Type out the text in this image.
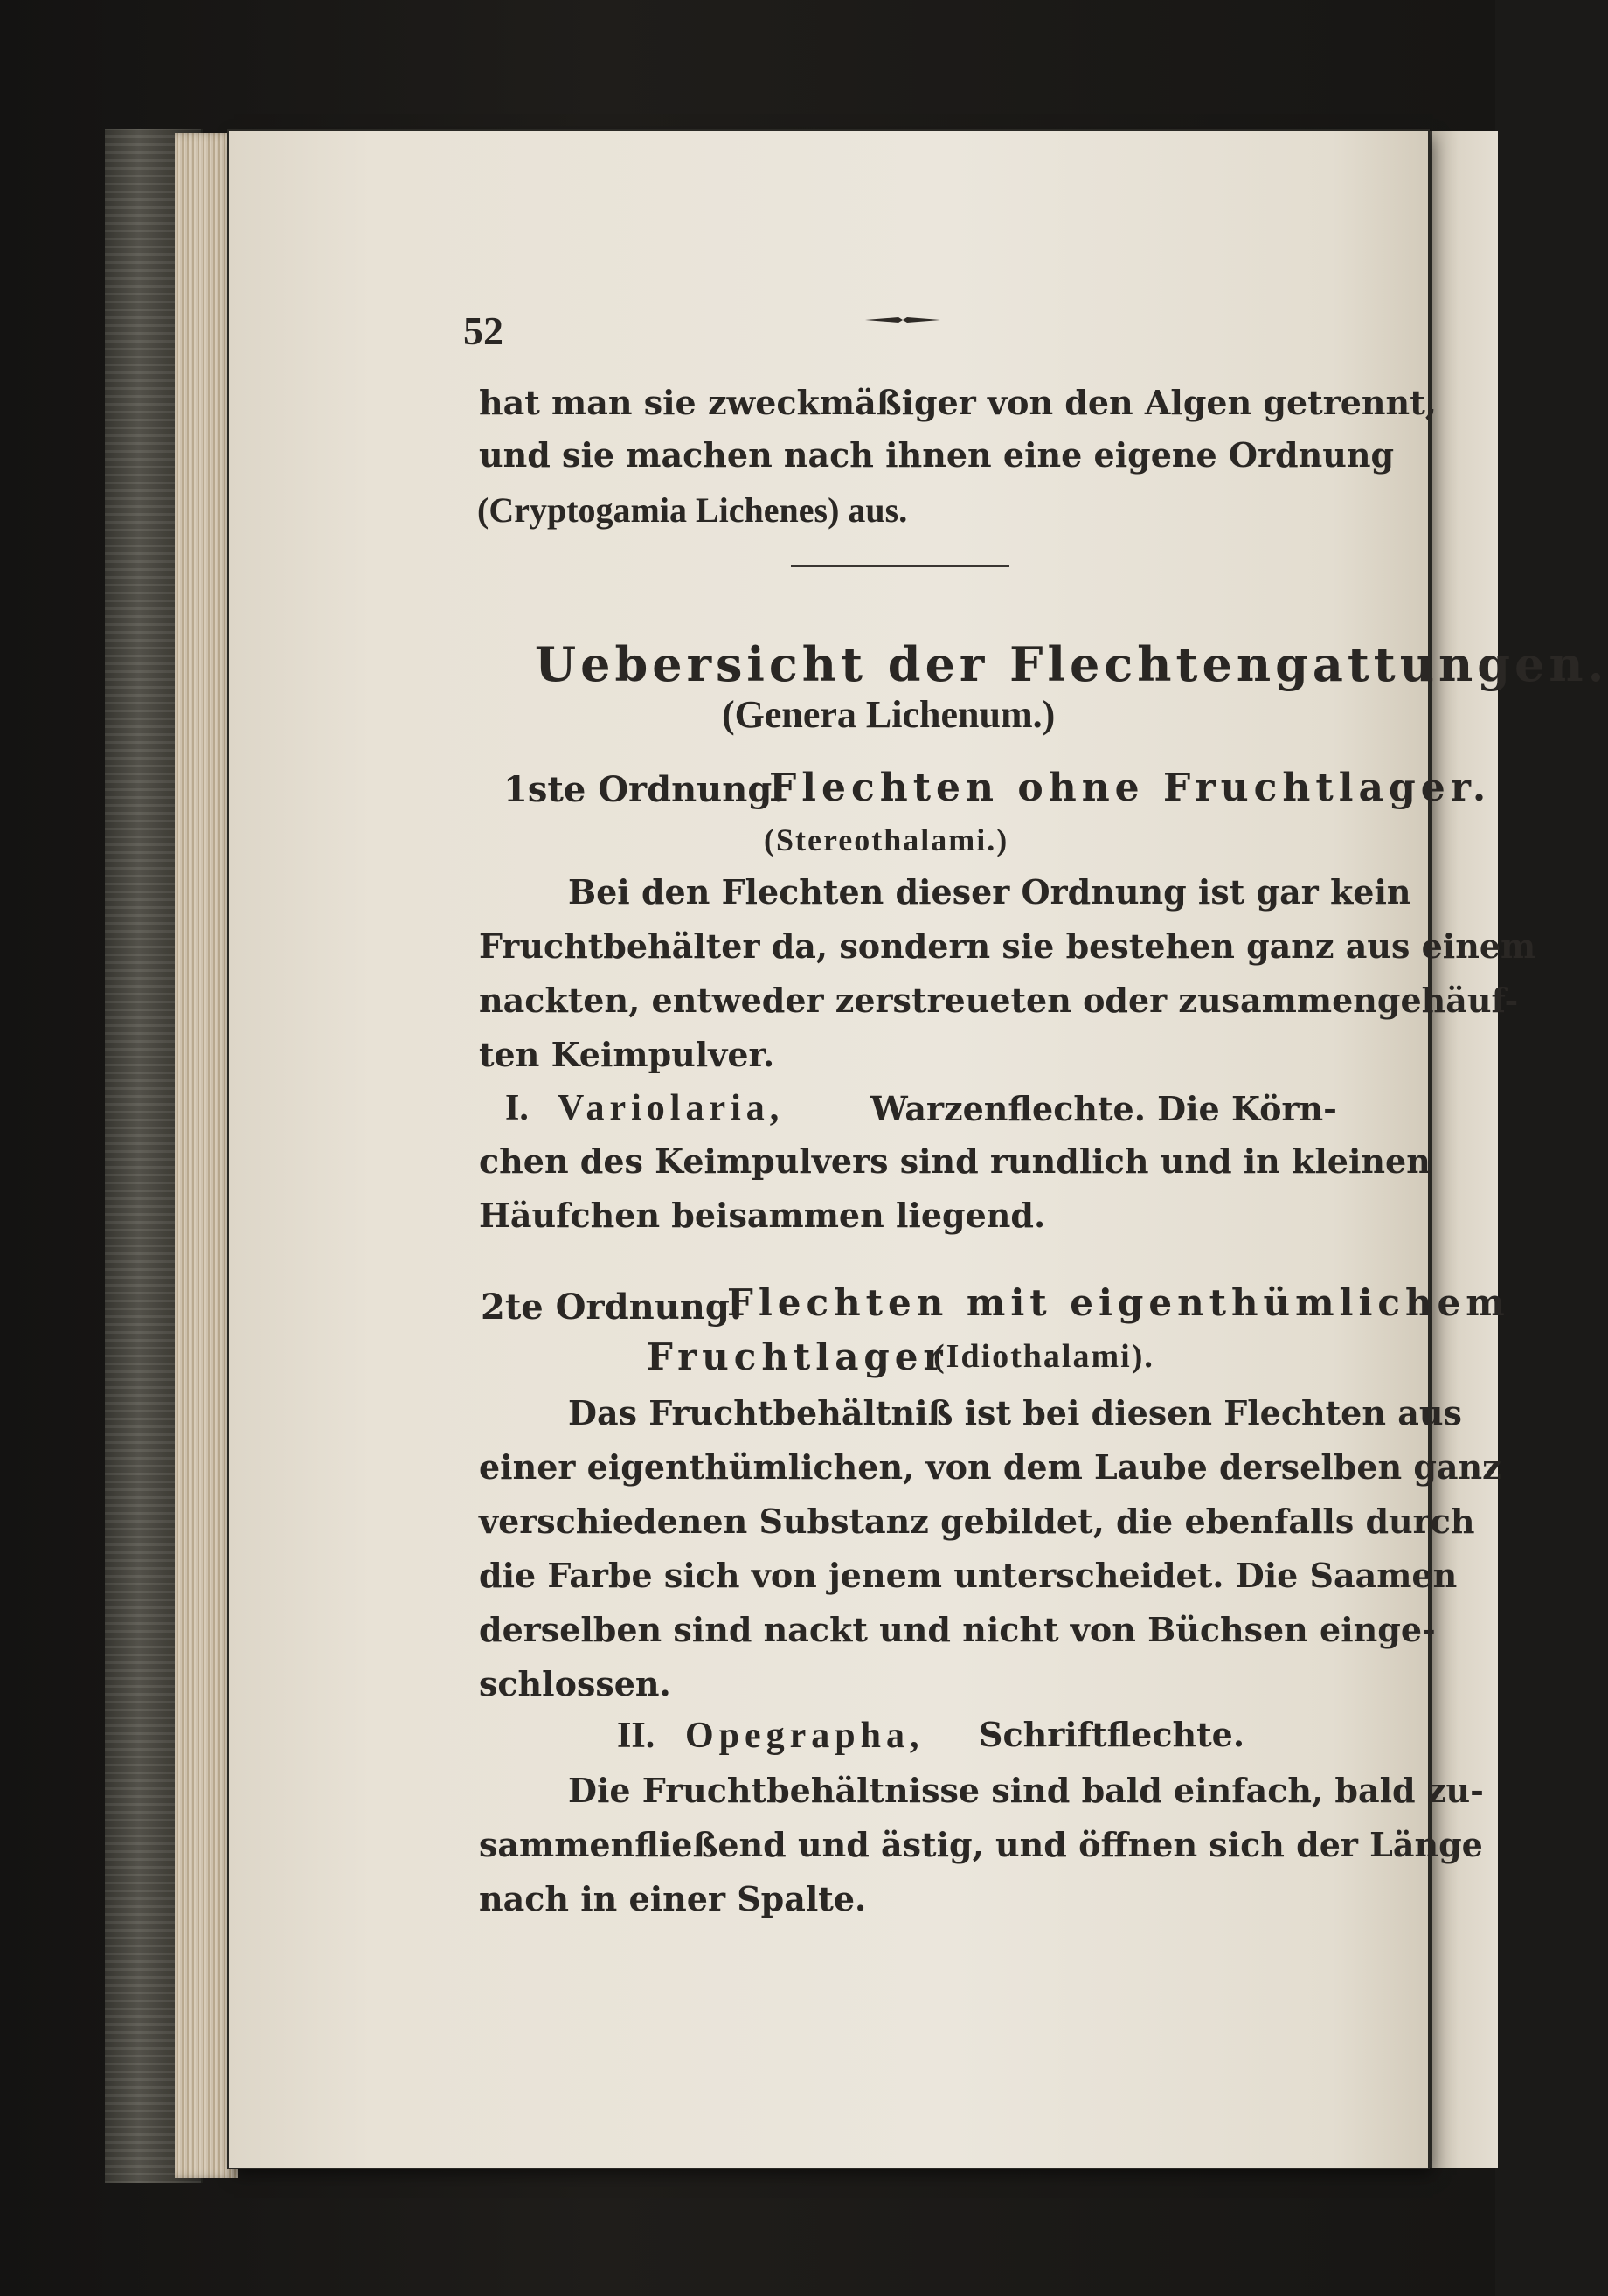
52
hat man sie zweckmäßiger von den Algen getrennt,
und sie machen nach ihnen eine eigene Ordnung
(Cryptogamia Lichenes) aus.
Uebersicht der Flechtengattungen.
(Genera Lichenum.)
1ste Ordnung:
Flechten ohne Fruchtlager.
(Stereothalami.)
Bei den Flechten dieser Ordnung ist gar kein
Fruchtbehälter da, sondern sie bestehen ganz aus einem
nackten, entweder zerstreueten oder zusammengehäuf-
ten Keimpulver.
I. Variolaria,	Warzenflechte. Die Körn-
chen des Keimpulvers sind rundlich und in kleinen
Häufchen beisammen liegend.
2te Ordnung:
Flechten mit eigenthümlichem
Fruchtlager
(Idiothalami).
Das Fruchtbehältniß ist bei diesen Flechten aus
einer eigenthümlichen, von dem Laube derselben ganz
verschiedenen Substanz gebildet, die ebenfalls durch
die Farbe sich von jenem unterscheidet. Die Saamen
derselben sind nackt und nicht von Büchsen einge-
schlossen.
II. Opegrapha, Schriftflechte.
Die Fruchtbehältnisse sind bald einfach, bald zu-
sammenfließend und ästig, und öffnen sich der Länge
nach in einer Spalte.
